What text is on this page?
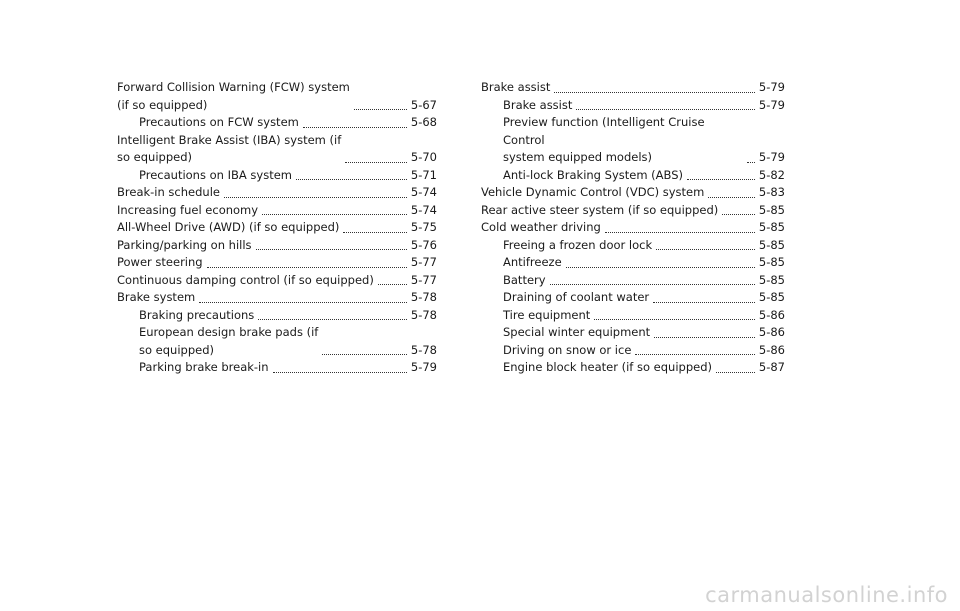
Forward Collision Warning (FCW) system
(if so equipped)	5-67
Precautions on FCW system	5-68
Intelligent Brake Assist (IBA) system (if
so equipped)	5-70
Precautions on IBA system	5-71
Break-in schedule	5-74
Increasing fuel economy	5-74
All-Wheel Drive (AWD) (if so equipped)	5-75
Parking/parking on hills	5-76
Power steering	5-77
Continuous damping control (if so equipped)	5-77
Brake system	5-78
Braking precautions	5-78
European design brake pads (if
so equipped)	5-78
Parking brake break-in	5-79
Brake assist	5-79
Brake assist	5-79
Preview function (Intelligent Cruise Control
system equipped models)	5-79
Anti-lock Braking System (ABS)	5-82
Vehicle Dynamic Control (VDC) system	5-83
Rear active steer system (if so equipped)	5-85
Cold weather driving	5-85
Freeing a frozen door lock	5-85
Antifreeze	5-85
Battery	5-85
Draining of coolant water	5-85
Tire equipment	5-86
Special winter equipment	5-86
Driving on snow or ice	5-86
Engine block heater (if so equipped)	5-87
carmanualsonline.info
